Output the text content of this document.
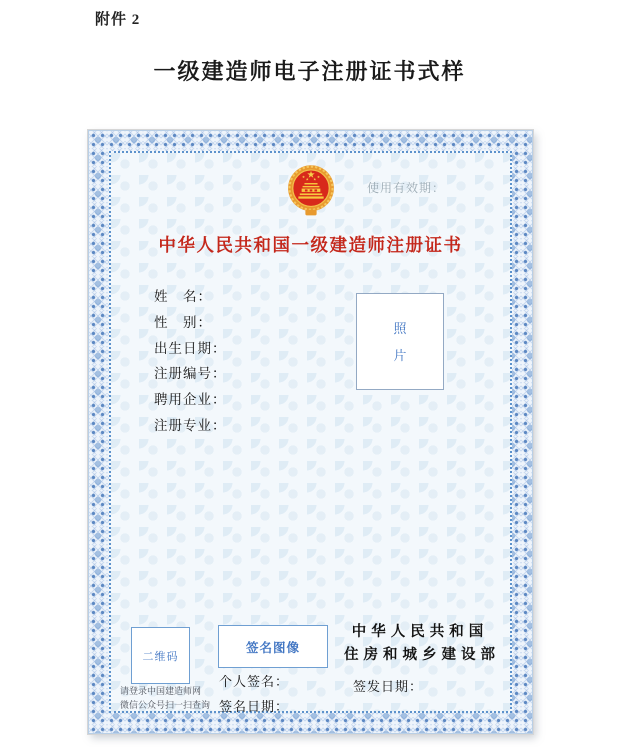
附件 2
一级建造师电子注册证书式样
使用有效期：
中华人民共和国一级建造师注册证书
姓　名：
性　别：
出生日期：
注册编号：
聘用企业：
注册专业：
照片
二维码
请登录中国建造师网
微信公众号扫一扫查询
签名图像
个人签名：
签名日期：
中华人民共和国
住房和城乡建设部
签发日期：
